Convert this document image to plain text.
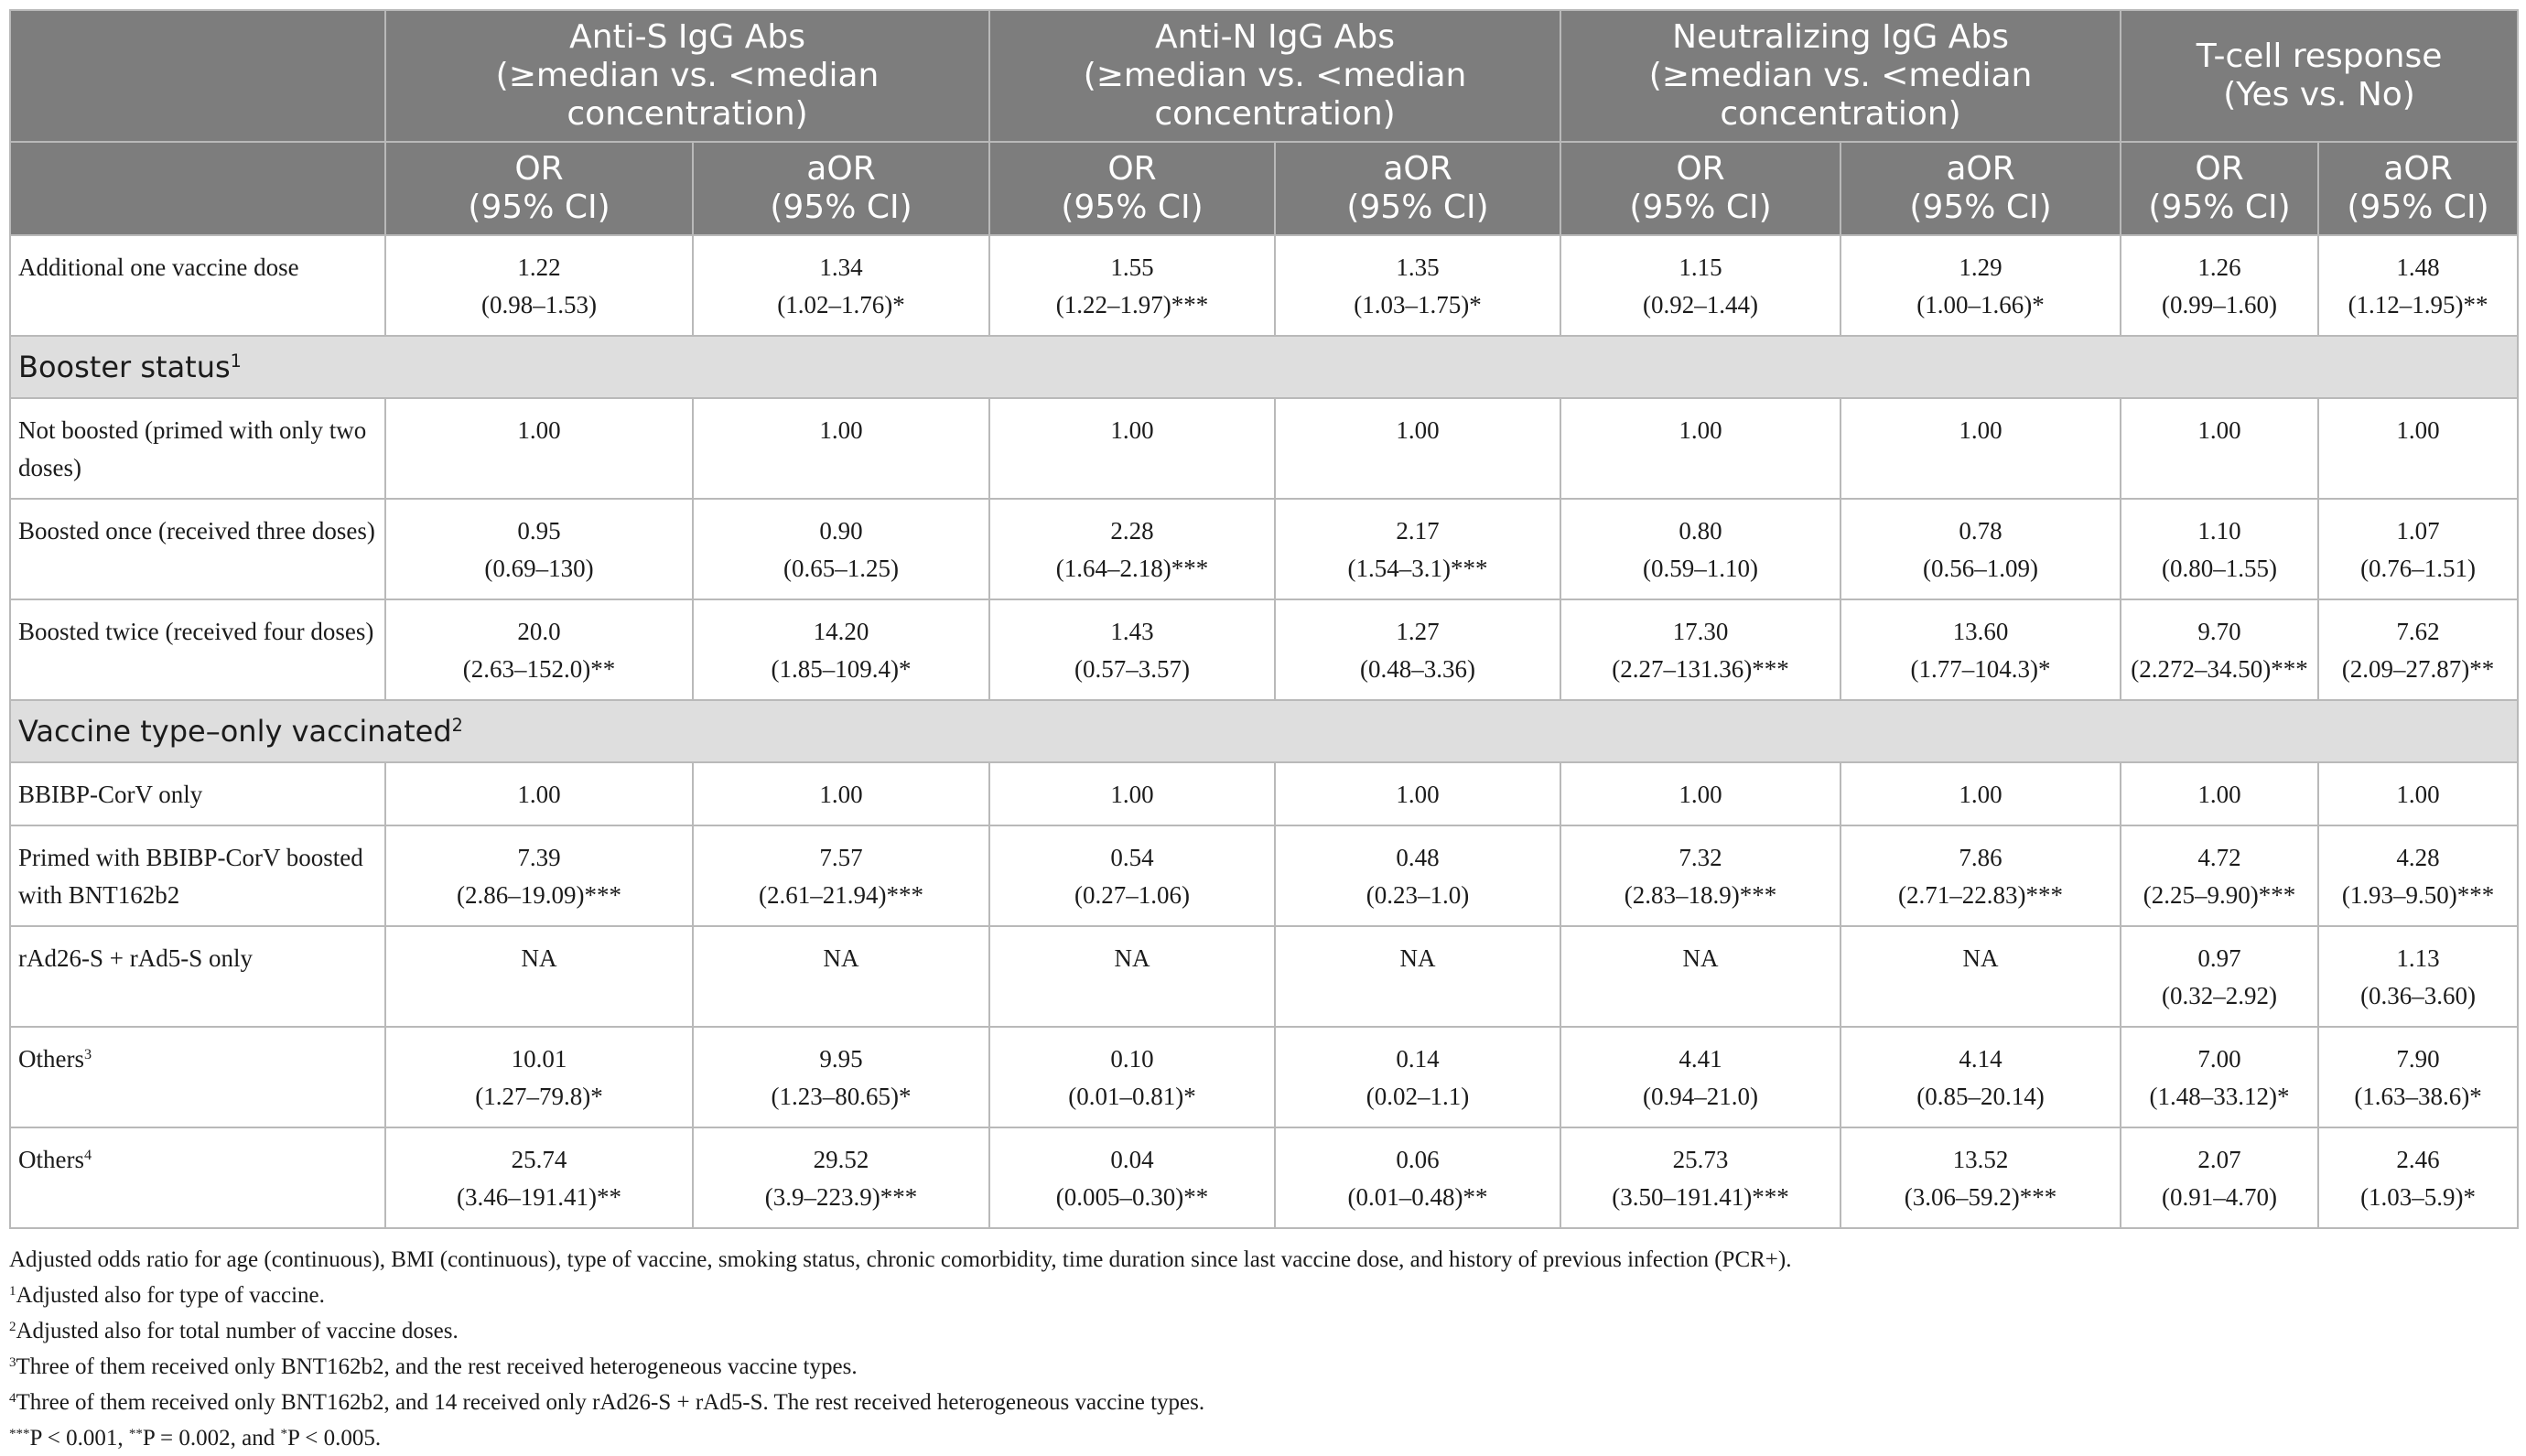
	Anti-S IgG Abs
(≥median vs. <median
concentration)		Anti-N IgG Abs
(≥median vs. <median
concentration)		Neutralizing IgG Abs
(≥median vs. <median
concentration)		T-cell response
(Yes vs. No)	

	OR
(95% CI)	aOR
(95% CI)	OR
(95% CI)	aOR
(95% CI)	OR
(95% CI)	aOR
(95% CI)	OR
(95% CI)	aOR
(95% CI)

Additional one vaccine dose	1.22
(0.98–1.53)	1.34
(1.02–1.76)*	1.55
(1.22–1.97)***	1.35
(1.03–1.75)*	1.15
(0.92–1.44)	1.29
(1.00–1.66)*	1.26
(0.99–1.60)	1.48
(1.12–1.95)**

Booster status$^1$
Not boosted (primed with only two doses)	1.00	1.00	1.00	1.00	1.00	1.00	1.00	1.00

Boosted once (received three doses)	0.95
(0.69–130)	0.90
(0.65–1.25)	2.28
(1.64–2.18)***	2.17
(1.54–3.1)***	0.80
(0.59–1.10)	0.78
(0.56–1.09)	1.10
(0.80–1.55)	1.07
(0.76–1.51)

Boosted twice (received four doses)	20.0
(2.63–152.0)**	14.20
(1.85–109.4)*	1.43
(0.57–3.57)	1.27
(0.48–3.36)	17.30
(2.27–131.36)***	13.60
(1.77–104.3)*	9.70
(2.272–34.50)***	7.62
(2.09–27.87)**

Vaccine type–only vaccinated$^2$
BBIBP-CorV only	1.00	1.00	1.00	1.00	1.00	1.00	1.00	1.00

Primed with BBIBP-CorV boosted with BNT162b2	7.39
(2.86–19.09)***	7.57
(2.61–21.94)***	0.54
(0.27–1.06)	0.48
(0.23–1.0)	7.32
(2.83–18.9)***	7.86
(2.71–22.83)***	4.72
(2.25–9.90)***	4.28
(1.93–9.50)***

rAd26-S + rAd5-S only	NA	NA	NA	NA	NA	NA	0.97
(0.32–2.92)	1.13
(0.36–3.60)

Others$^3$	10.01
(1.27–79.8)*	9.95
(1.23–80.65)*	0.10
(0.01–0.81)*	0.14
(0.02–1.1)	4.41
(0.94–21.0)	4.14
(0.85–20.14)	7.00
(1.48–33.12)*	7.90
(1.63–38.6)*

Others$^4$	25.74
(3.46–191.41)**	29.52
(3.9–223.9)***	0.04
(0.005–0.30)**	0.06
(0.01–0.48)**	25.73
(3.50–191.41)***	13.52
(3.06–59.2)***	2.07
(0.91–4.70)	2.46
(1.03–5.9)*

Adjusted odds ratio for age (continuous), BMI (continuous), type of vaccine, smoking status, chronic comorbidity, time duration since last vaccine dose, and history of previous infection (PCR+).

$^1$Adjusted also for type of vaccine.

$^2$Adjusted also for total number of vaccine doses.

$^3$Three of them received only BNT162b2, and the rest received heterogeneous vaccine types.

$^4$Three of them received only BNT162b2, and 14 received only rAd26-S + rAd5-S. The rest received heterogeneous vaccine types.

***P < 0.001, **P = 0.002, and *P < 0.005.
